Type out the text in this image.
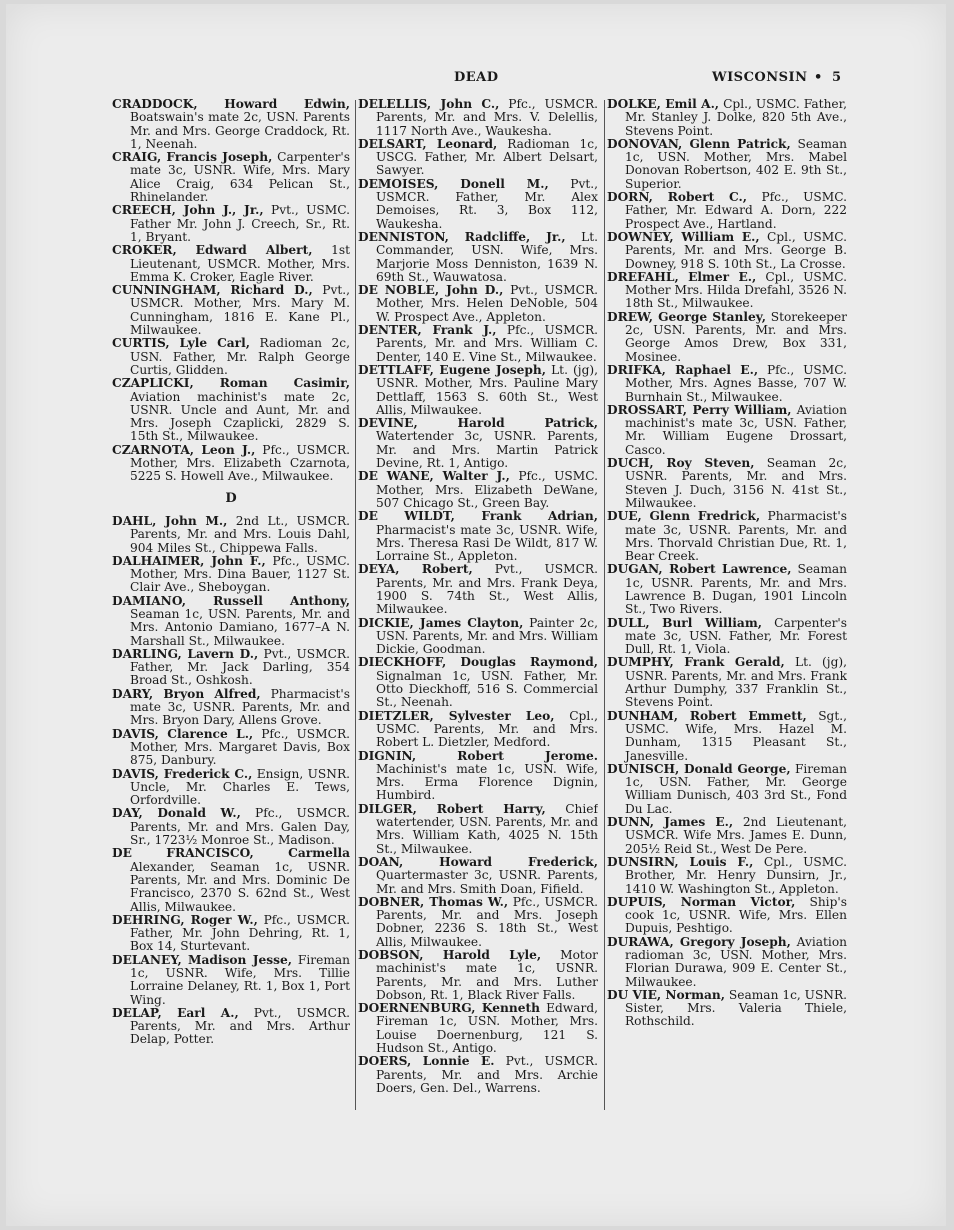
DEAD	WISCONSIN • 5

CRADDOCK, Howard Edwin, Boatswain's mate 2c, USN. Parents Mr. and Mrs. George Craddock, Rt. 1, Neenah.

CRAIG, Francis Joseph, Carpenter's mate 3c, USNR. Wife, Mrs. Mary Alice Craig, 634 Pelican St., Rhinelander.

CREECH, John J., Jr., Pvt., USMC. Father Mr. John J. Creech, Sr., Rt. 1, Bryant.

CROKER, Edward Albert, 1st Lieutenant, USMCR. Mother, Mrs. Emma K. Croker, Eagle River.

CUNNINGHAM, Richard D., Pvt., USMCR. Mother, Mrs. Mary M. Cunningham, 1816 E. Kane Pl., Milwaukee.

CURTIS, Lyle Carl, Radioman 2c, USN. Father, Mr. Ralph George Curtis, Glidden.

CZAPLICKI, Roman Casimir, Aviation machinist's mate 2c, USNR. Uncle and Aunt, Mr. and Mrs. Joseph Czaplicki, 2829 S. 15th St., Milwaukee.

CZARNOTA, Leon J., Pfc., USMCR. Mother, Mrs. Elizabeth Czarnota, 5225 S. Howell Ave., Milwaukee.

D

DAHL, John M., 2nd Lt., USMCR. Parents, Mr. and Mrs. Louis Dahl, 904 Miles St., Chippewa Falls.

DALHAIMER, John F., Pfc., USMC. Mother, Mrs. Dina Bauer, 1127 St. Clair Ave., Sheboygan.

DAMIANO, Russell Anthony, Seaman 1c, USN. Parents, Mr. and Mrs. Antonio Damiano, 1677–A N. Marshall St., Milwaukee.

DARLING, Lavern D., Pvt., USMCR. Father, Mr. Jack Darling, 354 Broad St., Oshkosh.

DARY, Bryon Alfred, Pharmacist's mate 3c, USNR. Parents, Mr. and Mrs. Bryon Dary, Allens Grove.

DAVIS, Clarence L., Pfc., USMCR. Mother, Mrs. Margaret Davis, Box 875, Danbury.

DAVIS, Frederick C., Ensign, USNR. Uncle, Mr. Charles E. Tews, Orfordville.

DAY, Donald W., Pfc., USMCR. Parents, Mr. and Mrs. Galen Day, Sr., 1723½ Monroe St., Madison.

DE FRANCISCO, Carmella Alexander, Seaman 1c, USNR. Parents, Mr. and Mrs. Dominic De Francisco, 2370 S. 62nd St., West Allis, Milwaukee.

DEHRING, Roger W., Pfc., USMCR. Father, Mr. John Dehring, Rt. 1, Box 14, Sturtevant.

DELANEY, Madison Jesse, Fireman 1c, USNR. Wife, Mrs. Tillie Lorraine Delaney, Rt. 1, Box 1, Port Wing.

DELAP, Earl A., Pvt., USMCR. Parents, Mr. and Mrs. Arthur Delap, Potter.

DELELLIS, John C., Pfc., USMCR. Parents, Mr. and Mrs. V. Delellis, 1117 North Ave., Waukesha.

DELSART, Leonard, Radioman 1c, USCG. Father, Mr. Albert Delsart, Sawyer.

DEMOISES, Donell M., Pvt., USMCR. Father, Mr. Alex Demoises, Rt. 3, Box 112, Waukesha.

DENNISTON, Radcliffe, Jr., Lt. Commander, USN. Wife, Mrs. Marjorie Moss Denniston, 1639 N. 69th St., Wauwatosa.

DE NOBLE, John D., Pvt., USMCR. Mother, Mrs. Helen DeNoble, 504 W. Prospect Ave., Appleton.

DENTER, Frank J., Pfc., USMCR. Parents, Mr. and Mrs. William C. Denter, 140 E. Vine St., Milwaukee.

DETTLAFF, Eugene Joseph, Lt. (jg), USNR. Mother, Mrs. Pauline Mary Dettlaff, 1563 S. 60th St., West Allis, Milwaukee.

DEVINE, Harold Patrick, Watertender 3c, USNR. Parents, Mr. and Mrs. Martin Patrick Devine, Rt. 1, Antigo.

DE WANE, Walter J., Pfc., USMC. Mother, Mrs. Elizabeth DeWane, 507 Chicago St., Green Bay.

DE WILDT, Frank Adrian, Pharmacist's mate 3c, USNR. Wife, Mrs. Theresa Rasi De Wildt, 817 W. Lorraine St., Appleton.

DEYA, Robert, Pvt., USMCR. Parents, Mr. and Mrs. Frank Deya, 1900 S. 74th St., West Allis, Milwaukee.

DICKIE, James Clayton, Painter 2c, USN. Parents, Mr. and Mrs. William Dickie, Goodman.

DIECKHOFF, Douglas Raymond, Signalman 1c, USN. Father, Mr. Otto Dieckhoff, 516 S. Commercial St., Neenah.

DIETZLER, Sylvester Leo, Cpl., USMC. Parents, Mr. and Mrs. Robert L. Dietzler, Medford.

DIGNIN, Robert Jerome. Machinist's mate 1c, USN. Wife, Mrs. Erma Florence Dignin, Humbird.

DILGER, Robert Harry, Chief watertender, USN. Parents, Mr. and Mrs. William Kath, 4025 N. 15th St., Milwaukee.

DOAN, Howard Frederick, Quartermaster 3c, USNR. Parents, Mr. and Mrs. Smith Doan, Fifield.

DOBNER, Thomas W., Pfc., USMCR. Parents, Mr. and Mrs. Joseph Dobner, 2236 S. 18th St., West Allis, Milwaukee.

DOBSON, Harold Lyle, Motor machinist's mate 1c, USNR. Parents, Mr. and Mrs. Luther Dobson, Rt. 1, Black River Falls.

DOERNENBURG, Kenneth Edward, Fireman 1c, USN. Mother, Mrs. Louise Doernenburg, 121 S. Hudson St., Antigo.

DOERS, Lonnie E. Pvt., USMCR. Parents, Mr. and Mrs. Archie Doers, Gen. Del., Warrens.

DOLKE, Emil A., Cpl., USMC. Father, Mr. Stanley J. Dolke, 820 5th Ave., Stevens Point.

DONOVAN, Glenn Patrick, Seaman 1c, USN. Mother, Mrs. Mabel Donovan Robertson, 402 E. 9th St., Superior.

DORN, Robert C., Pfc., USMC. Father, Mr. Edward A. Dorn, 222 Prospect Ave., Hartland.

DOWNEY, William E., Cpl., USMC. Parents, Mr. and Mrs. George B. Downey, 918 S. 10th St., La Crosse.

DREFAHL, Elmer E., Cpl., USMC. Mother Mrs. Hilda Drefahl, 3526 N. 18th St., Milwaukee.

DREW, George Stanley, Storekeeper 2c, USN. Parents, Mr. and Mrs. George Amos Drew, Box 331, Mosinee.

DRIFKA, Raphael E., Pfc., USMC. Mother, Mrs. Agnes Basse, 707 W. Burnhain St., Milwaukee.

DROSSART, Perry William, Aviation machinist's mate 3c, USN. Father, Mr. William Eugene Drossart, Casco.

DUCH, Roy Steven, Seaman 2c, USNR. Parents, Mr. and Mrs. Steven J. Duch, 3156 N. 41st St., Milwaukee.

DUE, Glenn Fredrick, Pharmacist's mate 3c, USNR. Parents, Mr. and Mrs. Thorvald Christian Due, Rt. 1, Bear Creek.

DUGAN, Robert Lawrence, Seaman 1c, USNR. Parents, Mr. and Mrs. Lawrence B. Dugan, 1901 Lincoln St., Two Rivers.

DULL, Burl William, Carpenter's mate 3c, USN. Father, Mr. Forest Dull, Rt. 1, Viola.

DUMPHY, Frank Gerald, Lt. (jg), USNR. Parents, Mr. and Mrs. Frank Arthur Dumphy, 337 Franklin St., Stevens Point.

DUNHAM, Robert Emmett, Sgt., USMC. Wife, Mrs. Hazel M. Dunham, 1315 Pleasant St., Janesville.

DUNISCH, Donald George, Fireman 1c, USN. Father, Mr. George William Dunisch, 403 3rd St., Fond Du Lac.

DUNN, James E., 2nd Lieutenant, USMCR. Wife Mrs. James E. Dunn, 205½ Reid St., West De Pere.

DUNSIRN, Louis F., Cpl., USMC. Brother, Mr. Henry Dunsirn, Jr., 1410 W. Washington St., Appleton.

DUPUIS, Norman Victor, Ship's cook 1c, USNR. Wife, Mrs. Ellen Dupuis, Peshtigo.

DURAWA, Gregory Joseph, Aviation radioman 3c, USN. Mother, Mrs. Florian Durawa, 909 E. Center St., Milwaukee.

DU VIE, Norman, Seaman 1c, USNR. Sister, Mrs. Valeria Thiele, Rothschild.
